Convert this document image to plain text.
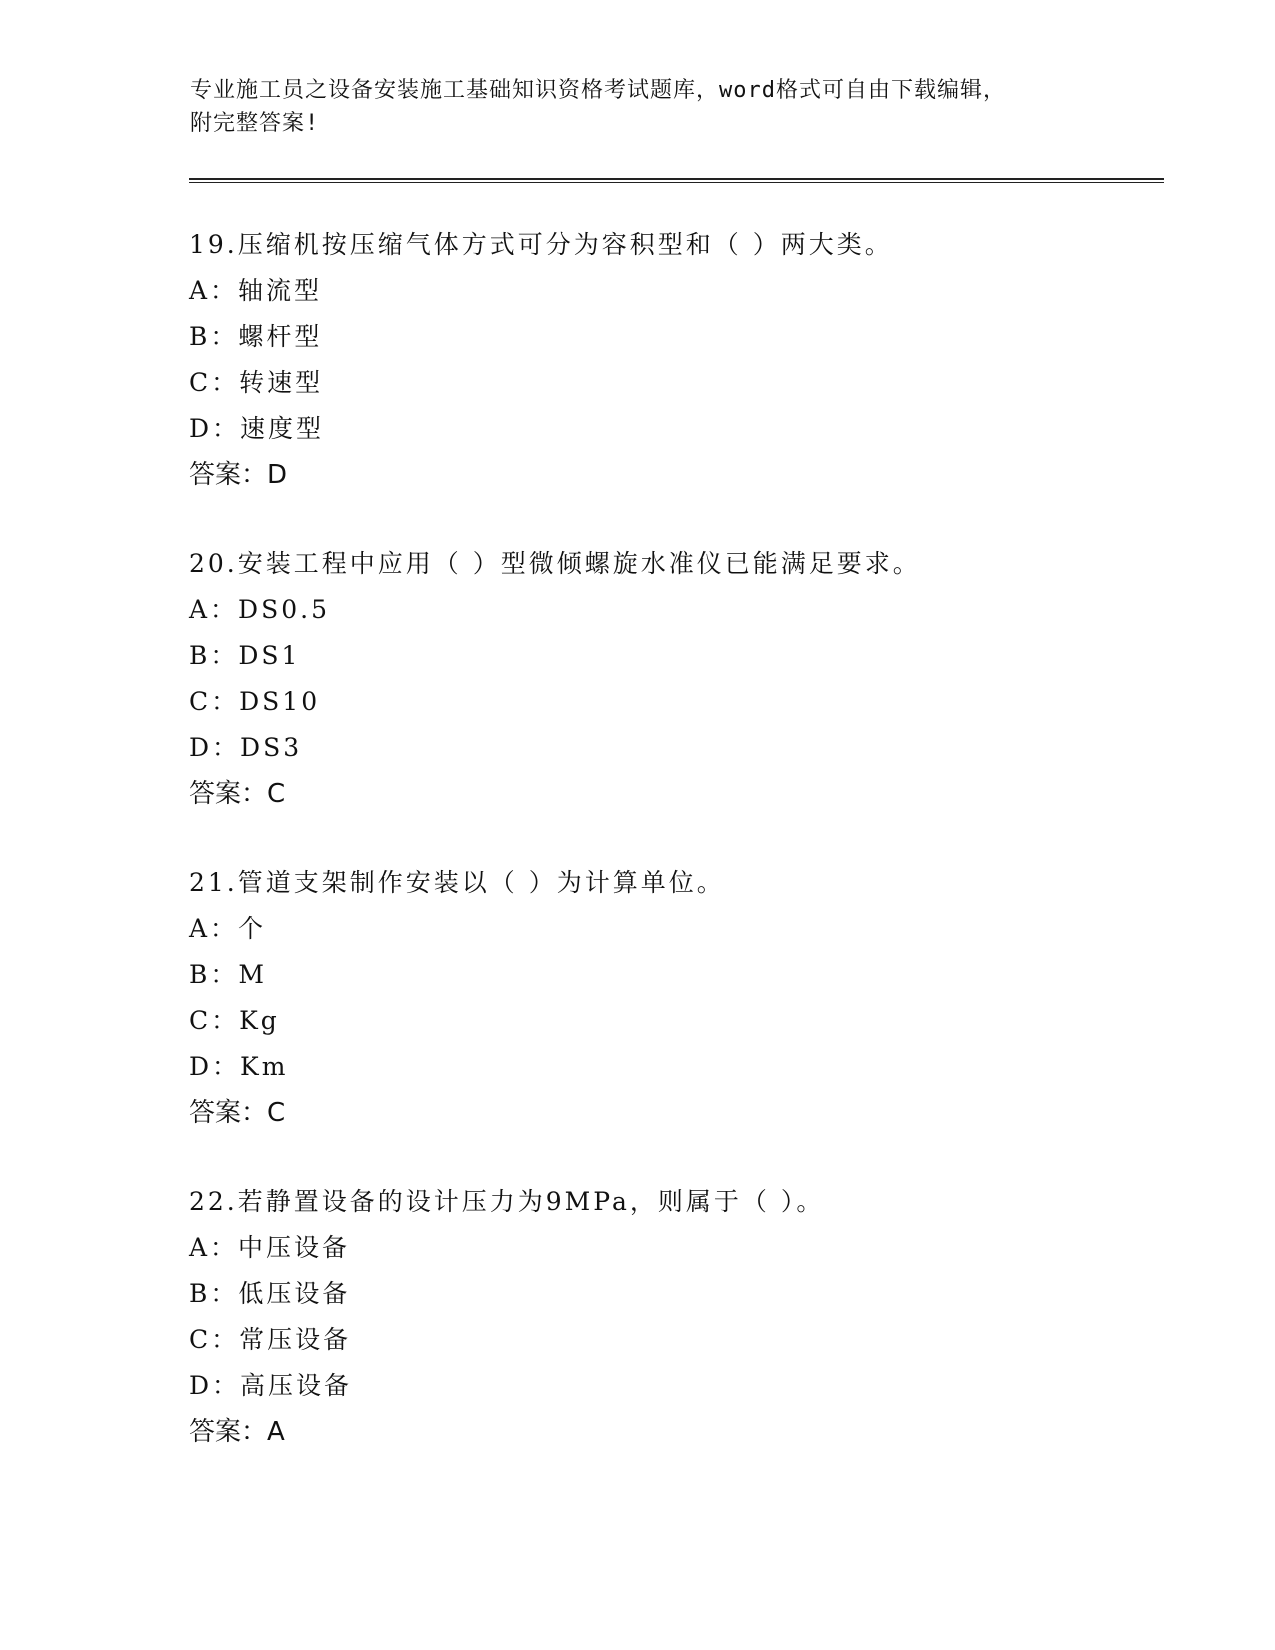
专业施工员之设备安装施工基础知识资格考试题库，word格式可自由下载编辑，
附完整答案!
19.压缩机按压缩气体方式可分为容积型和（ ）两大类。
A：轴流型
B：螺杆型
C：转速型
D：速度型
答案：D
20.安装工程中应用（ ）型微倾螺旋水准仪已能满足要求。
A：DS0.5
B：DS1
C：DS10
D：DS3
答案：C
21.管道支架制作安装以（ ）为计算单位。
A：个
B：M
C：Kg
D：Km
答案：C
22.若静置设备的设计压力为9MPa，则属于（ ）。
A：中压设备
B：低压设备
C：常压设备
D：高压设备
答案：A
